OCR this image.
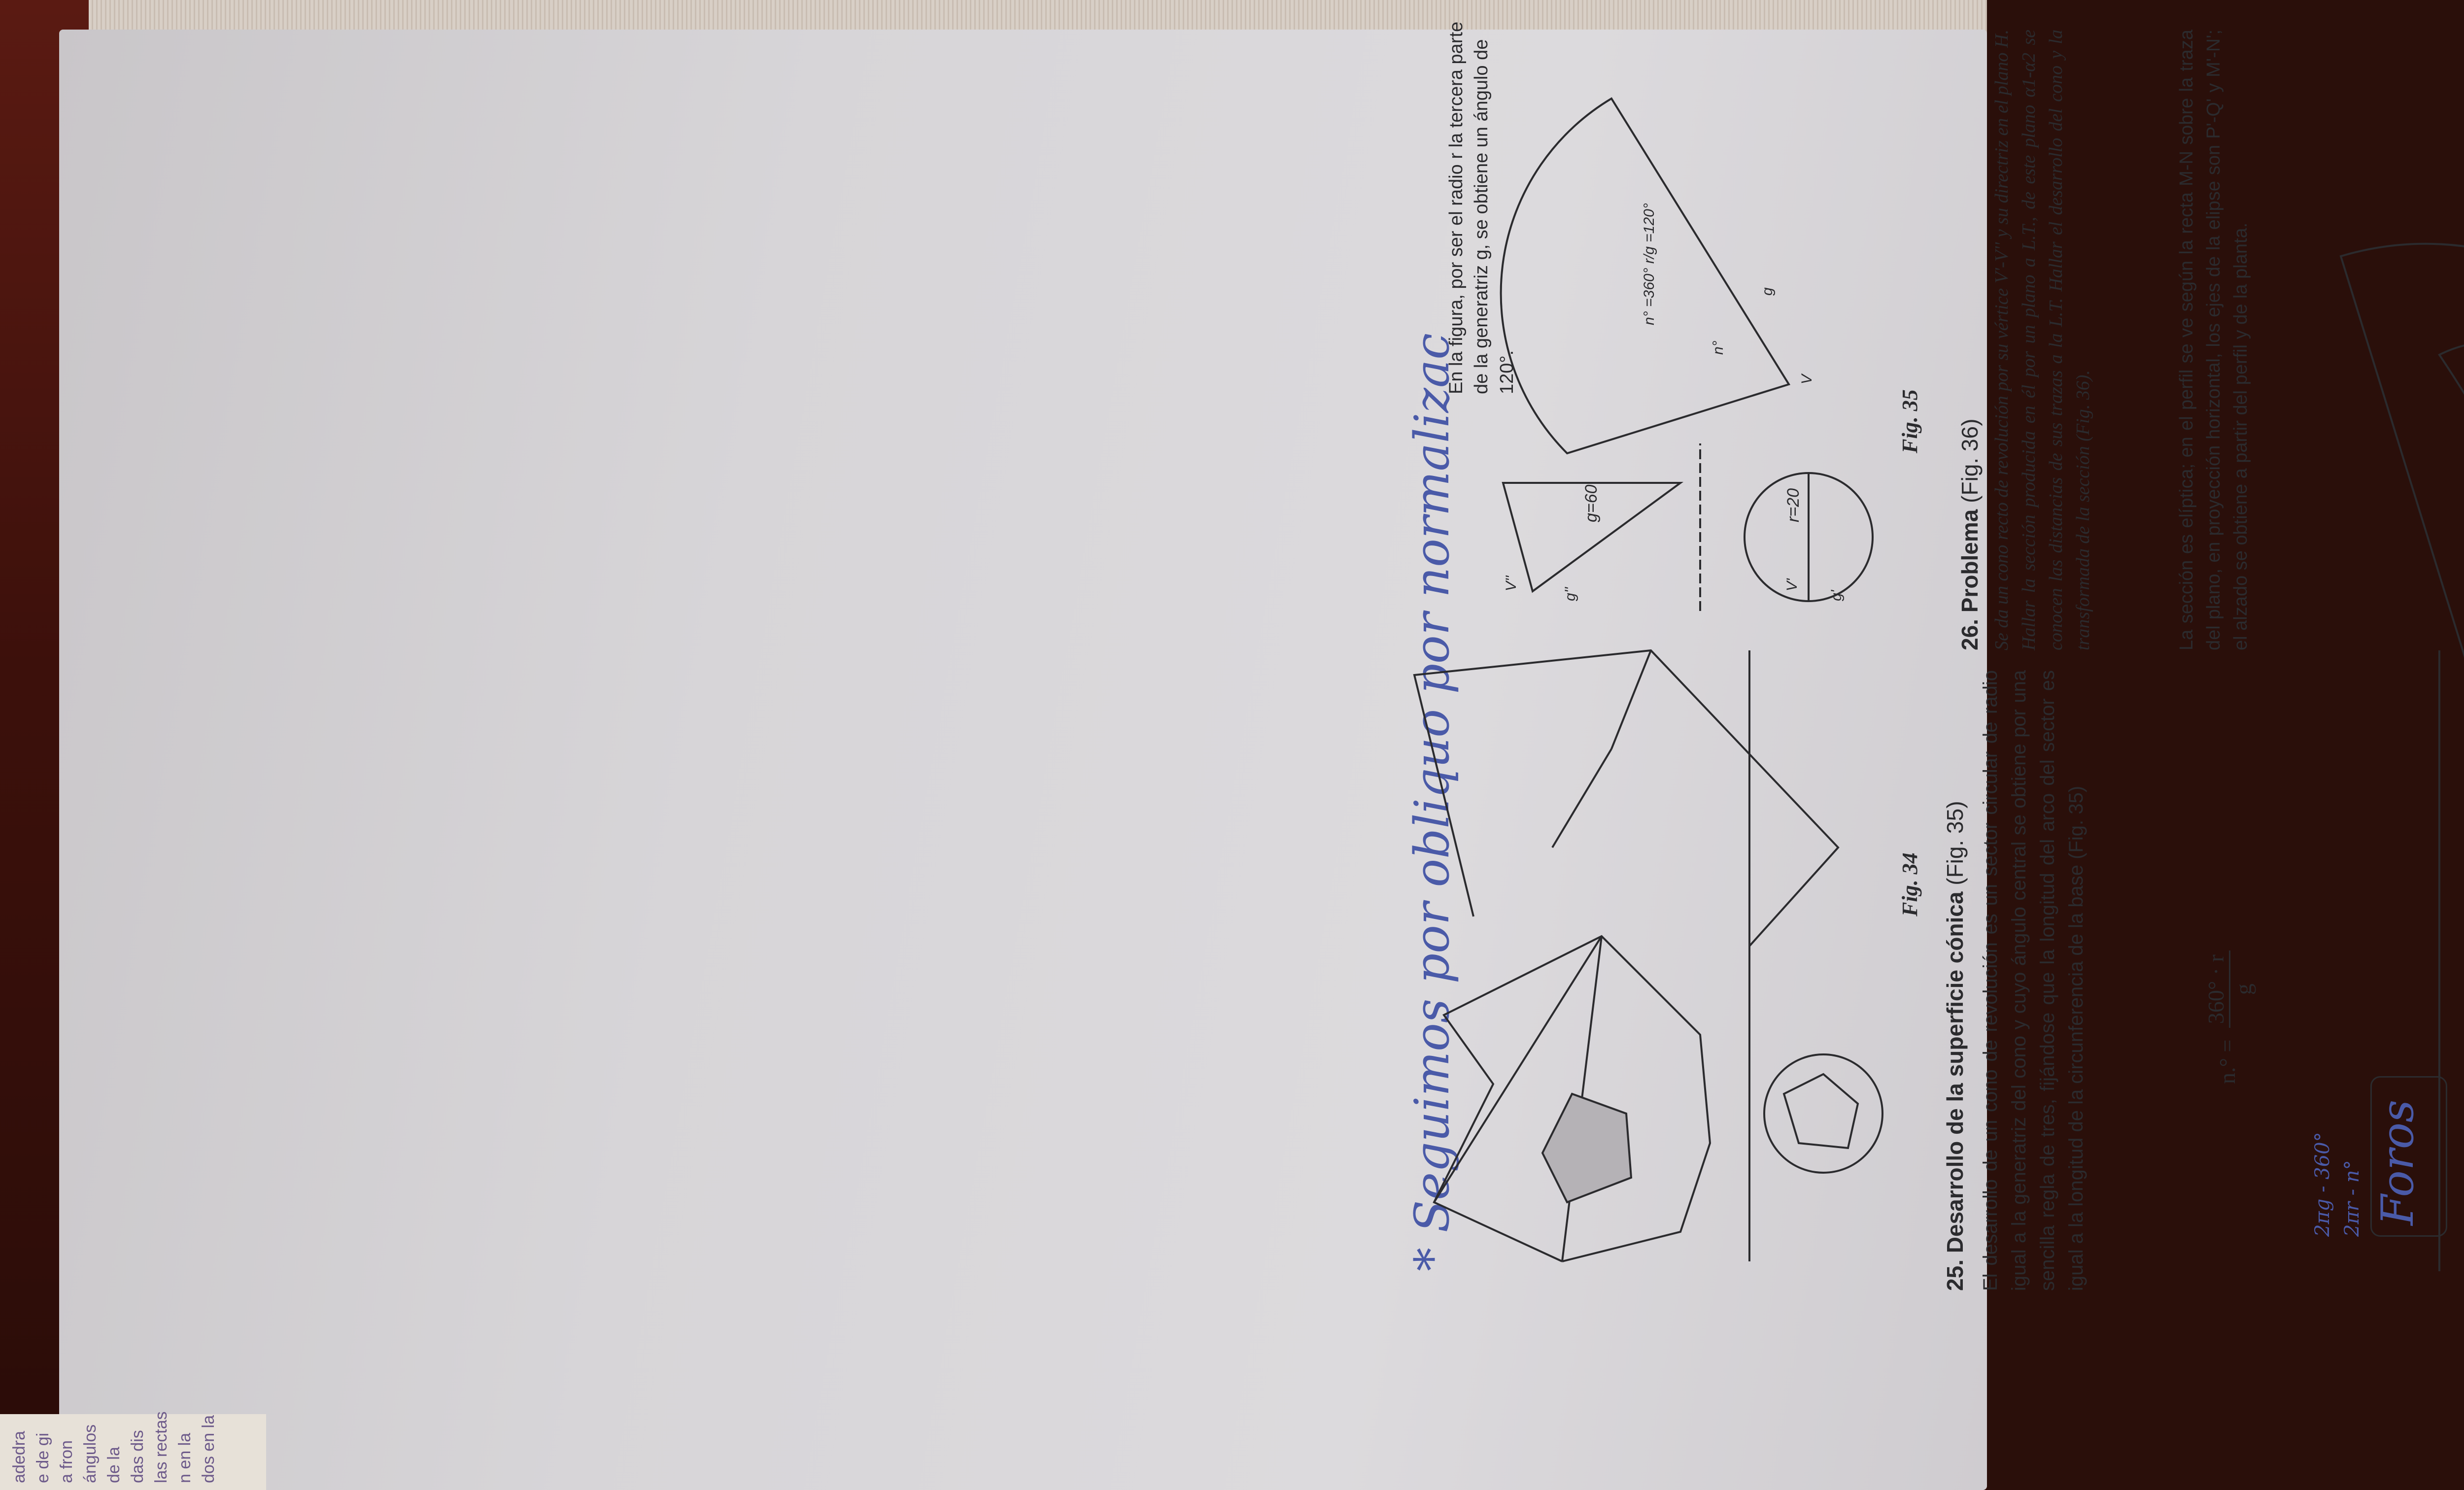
* Seguimos por obliquo por normalizac	2πg - 360° 2πr - n° Foros
En la figura, por ser el radio r la tercera parte de la generatriz g, se obtiene un ángulo de 120°.
Fig. 34
g=60	r=20
V''	V'
g''	g'
V
g
n°
n° =360° r/g =120°
Fig. 35
25. Desarrollo de la superficie cónica (Fig. 35) El desarrollo de un cono de revolución es un sector circular de radio igual a la generatriz del cono y cuyo ángulo central se obtiene por una sencilla regla de tres, fijándose que la longitud del arco del sector es igual a la longitud de la circunferencia de la base (Fig. 35)	n.° =
360° · r g
26. Problema (Fig. 36) Se da un cono recto de revolución por su vértice V'-V'' y su directriz en el plano H. Hallar la sección producida en él por un plano a L.T., de este plano α1-α2 se conocen las distancias de sus trazas a la L.T. Hallar el desarrollo del cono y la transformada de la sección (Fig. 36).	La sección es elíptica; en el perfil se ve según la recta M-N sobre la traza del plano, en proyección horizontal, los ejes de la elipse son P'-Q' y M'-N'; el alzado se obtiene a partir del perfil y de la planta.
adedra e de gi a fron ángulos de la das dis las rectas n en la dos en la
